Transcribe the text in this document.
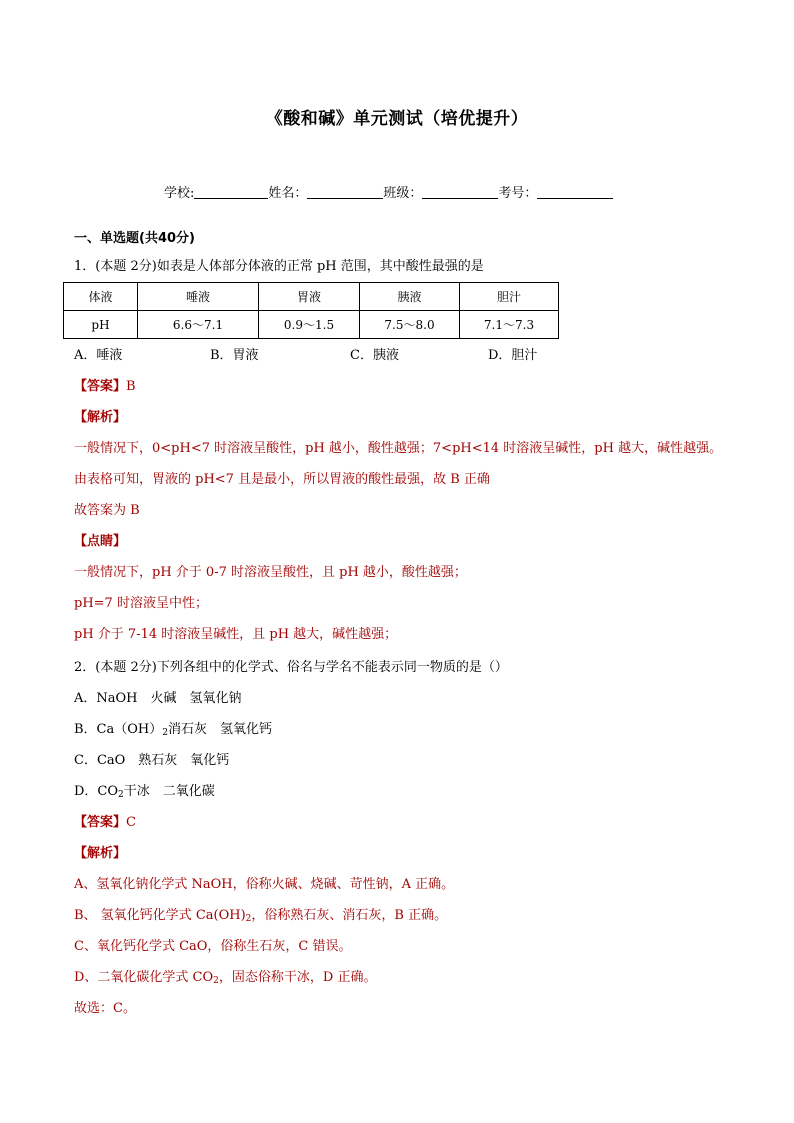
《酸和碱》单元测试（培优提升）
学校:	姓名：	班级：	考号：
一、单选题(共40分)
1．(本题 2分)如表是人体部分体液的正常 pH 范围，其中酸性最强的是
体液	唾液	胃液	胰液	胆汁
pH	6.6～7.1	0.9～1.5	7.5～8.0	7.1～7.3
A．唾液	B．胃液	C．胰液	D．胆汁
【答案】B
【解析】
一般情况下，0<pH<7 时溶液呈酸性，pH 越小，酸性越强；7<pH<14 时溶液呈碱性，pH 越大，碱性越强。
由表格可知，胃液的 pH<7 且是最小，所以胃液的酸性最强，故 B 正确
故答案为 B
【点睛】
一般情况下，pH 介于 0-7 时溶液呈酸性，且 pH 越小，酸性越强；
pH=7 时溶液呈中性；
pH 介于 7-14 时溶液呈碱性，且 pH 越大，碱性越强；
2．(本题 2分)下列各组中的化学式、俗名与学名不能表示同一物质的是（）
A．NaOH　火碱　氢氧化钠
B．$Ca(OH)_2$消石灰　氢氧化钙
C．CaO　熟石灰　氧化钙
D．$CO_2$干冰　二氧化碳
【答案】C
【解析】
A、氢氧化钠化学式 NaOH，俗称火碱、烧碱、苛性钠，A 正确。
B、 氢氧化钙化学式 $Ca(OH)_2$，俗称熟石灰、消石灰，B 正确。
C、氧化钙化学式 CaO，俗称生石灰，C 错误。
D、二氧化碳化学式 $CO_2$，固态俗称干冰，D 正确。
故选：C。
